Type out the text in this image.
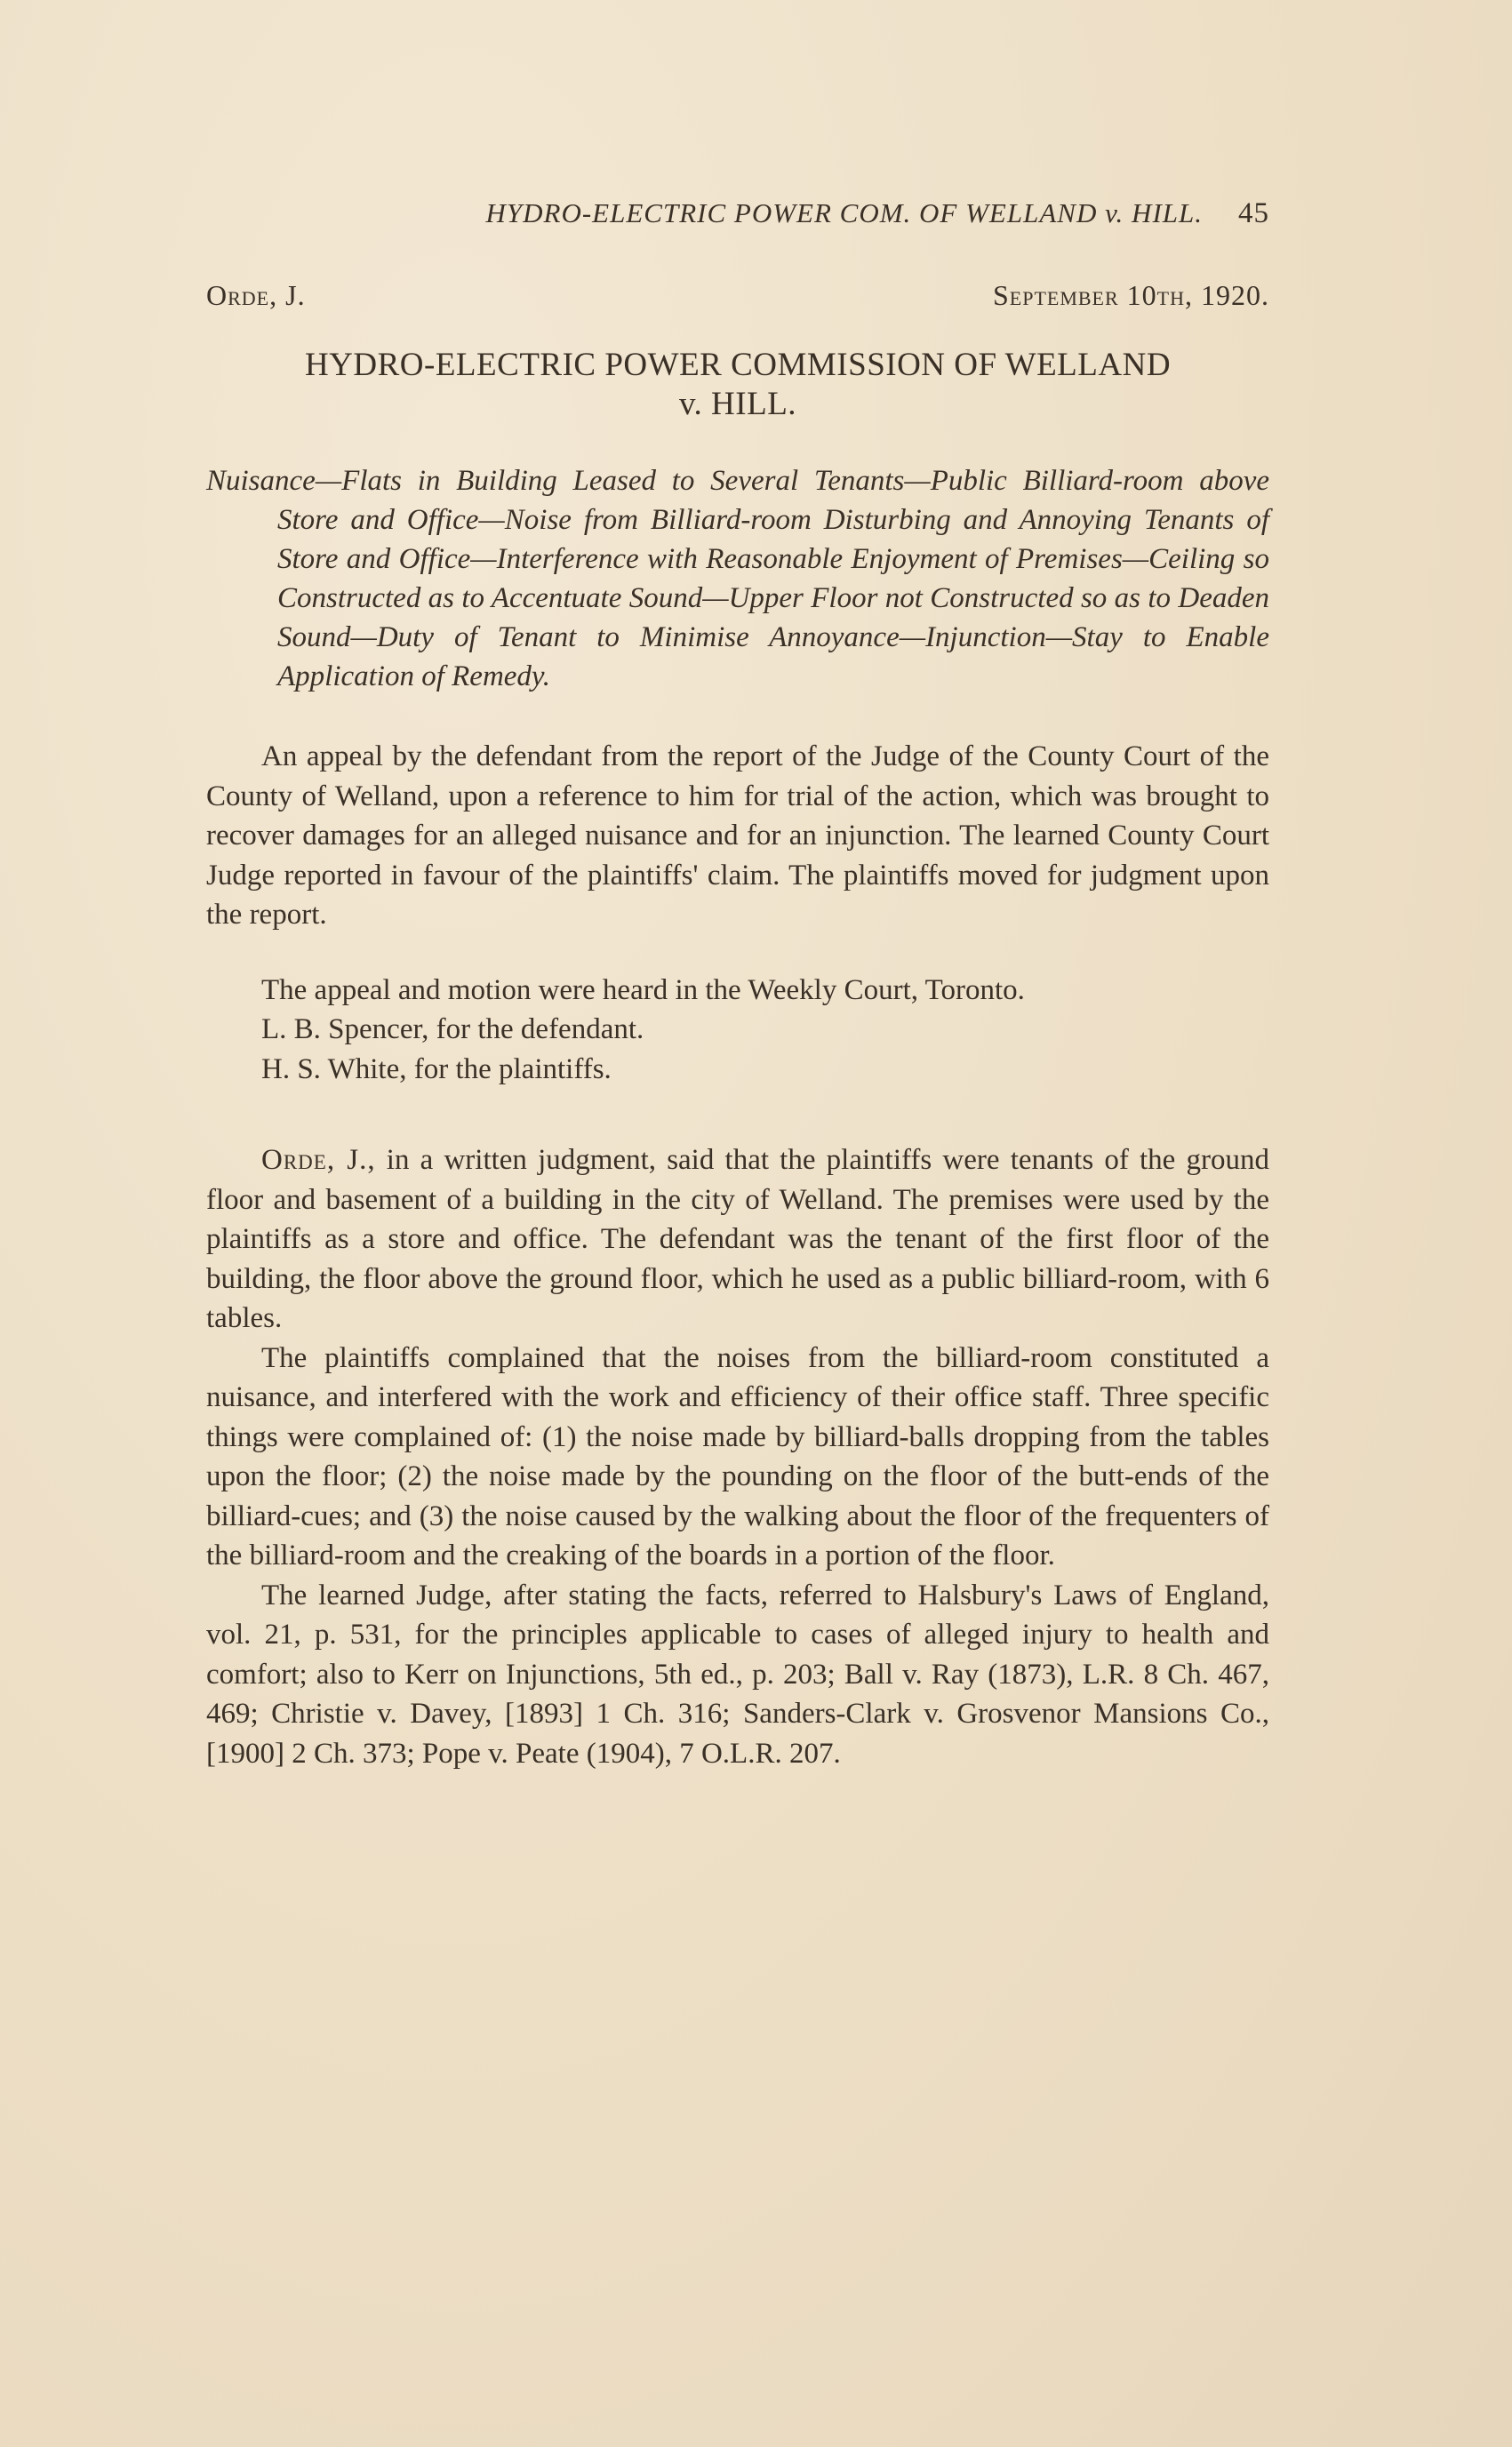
HYDRO-ELECTRIC POWER COM. OF WELLAND v. HILL. 45
Orde, J.	September 10th, 1920.
HYDRO-ELECTRIC POWER COMMISSION OF WELLAND
v. HILL.
Nuisance—Flats in Building Leased to Several Tenants—Public Billiard-room above Store and Office—Noise from Billiard-room Disturbing and Annoying Tenants of Store and Office—Interference with Reasonable Enjoyment of Premises—Ceiling so Constructed as to Accentuate Sound—Upper Floor not Constructed so as to Deaden Sound—Duty of Tenant to Minimise Annoyance—Injunction—Stay to Enable Application of Remedy.

An appeal by the defendant from the report of the Judge of the County Court of the County of Welland, upon a reference to him for trial of the action, which was brought to recover damages for an alleged nuisance and for an injunction. The learned County Court Judge reported in favour of the plaintiffs' claim. The plaintiffs moved for judgment upon the report.

The appeal and motion were heard in the Weekly Court, Toronto.

L. B. Spencer, for the defendant.
H. S. White, for the plaintiffs.

Orde, J., in a written judgment, said that the plaintiffs were tenants of the ground floor and basement of a building in the city of Welland. The premises were used by the plaintiffs as a store and office. The defendant was the tenant of the first floor of the building, the floor above the ground floor, which he used as a public billiard-room, with 6 tables.

The plaintiffs complained that the noises from the billiard-room constituted a nuisance, and interfered with the work and efficiency of their office staff. Three specific things were complained of: (1) the noise made by billiard-balls dropping from the tables upon the floor; (2) the noise made by the pounding on the floor of the butt-ends of the billiard-cues; and (3) the noise caused by the walking about the floor of the frequenters of the billiard-room and the creaking of the boards in a portion of the floor.

The learned Judge, after stating the facts, referred to Halsbury's Laws of England, vol. 21, p. 531, for the principles applicable to cases of alleged injury to health and comfort; also to Kerr on Injunctions, 5th ed., p. 203; Ball v. Ray (1873), L.R. 8 Ch. 467, 469; Christie v. Davey, [1893] 1 Ch. 316; Sanders-Clark v. Grosvenor Mansions Co., [1900] 2 Ch. 373; Pope v. Peate (1904), 7 O.L.R. 207.
